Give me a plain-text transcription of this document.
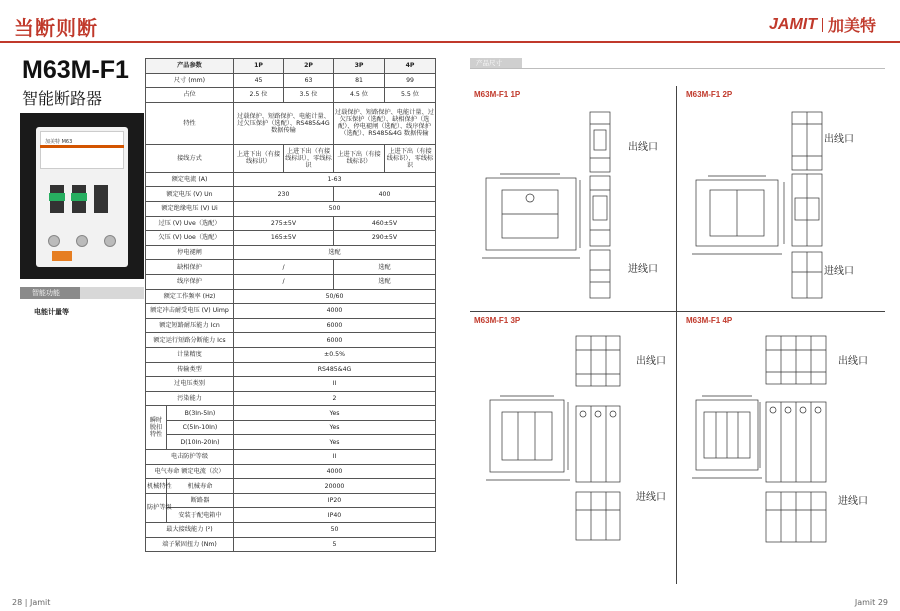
当断则断	JAMIT 加美特
M63M-F1
智能断路器
加美特 M63
智能功能
电能计量等
产品参数		1P	2P	3P	4P
尺寸 (mm)		45	63	81	99
占位		2.5 位	3.5 位	4.5 位	5.5 位
特性		过载保护、短路保护、电能计量、过欠压保护（选配）、RS485&4G 数据传输		过载保护、短路保护、电能计量、过欠压保护（选配）、缺相保护（选配）、停电褪闸（选配）、线序保护（选配）、RS485&4G 数据传输	
接线方式		上进下出（有接线标识）	上进下出（有接线标识），零线标识	上进下出（有接线标识）	上进下出（有接线标识），零线标识
额定电流 (A)		1-63			
额定电压 (V) Un		230		400	
额定绝缘电压 (V) Ui		500			
过压 (V) Uve（选配）		275±5V		460±5V	
欠压 (V) Uoe（选配）		165±5V		290±5V	
停电褪闸		选配			
缺相保护		/		选配	
线序保护		/		选配	
额定工作频率 (Hz)		50/60			
额定冲击耐受电压 (V) Uimp		4000			
额定短路耐压能力 Icn		6000			
额定运行短路分断能力 Ics		6000			
计量精度		±0.5%			
传输类型		RS485&4G			
过电压类别		II			
污染能力		2			
瞬时脱扣特性	B(3In-5In)	Yes			
	C(5In-10In)	Yes			
	D(10In-20In)	Yes			
电击防护等级		II			
电气寿命 额定电流（次）		4000			
机械特性	机械寿命	20000			
防护等级	断路器	IP20			
	安装于配电箱中	IP40			
最大接线能力 (²)		50			
端子紧固扭力 (Nm)		5			
产品尺寸
M63M-F1 1P	M63M-F1 2P
M63M-F1 3P	M63M-F1 4P
出线口
进线口
出线口
进线口
出线口
进线口
出线口
进线口
28 | Jamit	Jamit 29
